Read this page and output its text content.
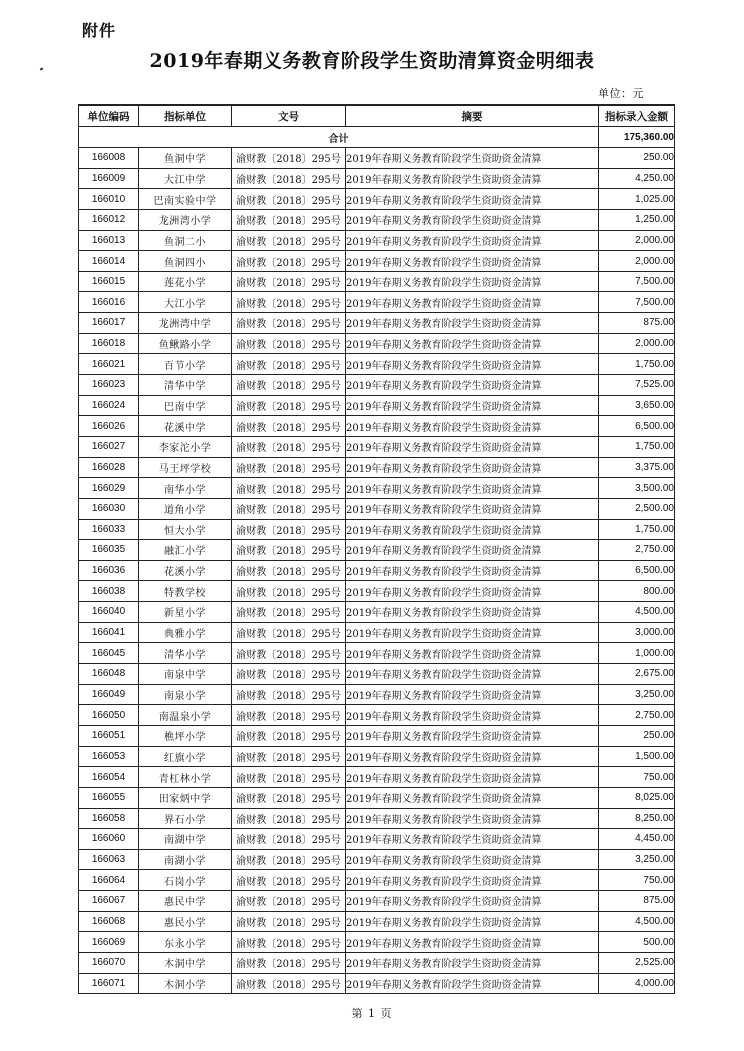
附件
2019年春期义务教育阶段学生资助清算资金明细表
单位：元
单位编码	指标单位	文号	摘要	指标录入金额
合计				175,360.00
166008	鱼洞中学	渝财教〔2018〕295号	2019年春期义务教育阶段学生资助资金清算	250.00
166009	大江中学	渝财教〔2018〕295号	2019年春期义务教育阶段学生资助资金清算	4,250.00
166010	巴南实验中学	渝财教〔2018〕295号	2019年春期义务教育阶段学生资助资金清算	1,025.00
166012	龙洲湾小学	渝财教〔2018〕295号	2019年春期义务教育阶段学生资助资金清算	1,250.00
166013	鱼洞二小	渝财教〔2018〕295号	2019年春期义务教育阶段学生资助资金清算	2,000.00
166014	鱼洞四小	渝财教〔2018〕295号	2019年春期义务教育阶段学生资助资金清算	2,000.00
166015	莲花小学	渝财教〔2018〕295号	2019年春期义务教育阶段学生资助资金清算	7,500.00
166016	大江小学	渝财教〔2018〕295号	2019年春期义务教育阶段学生资助资金清算	7,500.00
166017	龙洲湾中学	渝财教〔2018〕295号	2019年春期义务教育阶段学生资助资金清算	875.00
166018	鱼鳅路小学	渝财教〔2018〕295号	2019年春期义务教育阶段学生资助资金清算	2,000.00
166021	百节小学	渝财教〔2018〕295号	2019年春期义务教育阶段学生资助资金清算	1,750.00
166023	清华中学	渝财教〔2018〕295号	2019年春期义务教育阶段学生资助资金清算	7,525.00
166024	巴南中学	渝财教〔2018〕295号	2019年春期义务教育阶段学生资助资金清算	3,650.00
166026	花溪中学	渝财教〔2018〕295号	2019年春期义务教育阶段学生资助资金清算	6,500.00
166027	李家沱小学	渝财教〔2018〕295号	2019年春期义务教育阶段学生资助资金清算	1,750.00
166028	马王坪学校	渝财教〔2018〕295号	2019年春期义务教育阶段学生资助资金清算	3,375.00
166029	南华小学	渝财教〔2018〕295号	2019年春期义务教育阶段学生资助资金清算	3,500.00
166030	道角小学	渝财教〔2018〕295号	2019年春期义务教育阶段学生资助资金清算	2,500.00
166033	恒大小学	渝财教〔2018〕295号	2019年春期义务教育阶段学生资助资金清算	1,750.00
166035	融汇小学	渝财教〔2018〕295号	2019年春期义务教育阶段学生资助资金清算	2,750.00
166036	花溪小学	渝财教〔2018〕295号	2019年春期义务教育阶段学生资助资金清算	6,500.00
166038	特教学校	渝财教〔2018〕295号	2019年春期义务教育阶段学生资助资金清算	800.00
166040	新星小学	渝财教〔2018〕295号	2019年春期义务教育阶段学生资助资金清算	4,500.00
166041	典雅小学	渝财教〔2018〕295号	2019年春期义务教育阶段学生资助资金清算	3,000.00
166045	清华小学	渝财教〔2018〕295号	2019年春期义务教育阶段学生资助资金清算	1,000.00
166048	南泉中学	渝财教〔2018〕295号	2019年春期义务教育阶段学生资助资金清算	2,675.00
166049	南泉小学	渝财教〔2018〕295号	2019年春期义务教育阶段学生资助资金清算	3,250.00
166050	南温泉小学	渝财教〔2018〕295号	2019年春期义务教育阶段学生资助资金清算	2,750.00
166051	樵坪小学	渝财教〔2018〕295号	2019年春期义务教育阶段学生资助资金清算	250.00
166053	红旗小学	渝财教〔2018〕295号	2019年春期义务教育阶段学生资助资金清算	1,500.00
166054	青杠林小学	渝财教〔2018〕295号	2019年春期义务教育阶段学生资助资金清算	750.00
166055	田家炳中学	渝财教〔2018〕295号	2019年春期义务教育阶段学生资助资金清算	8,025.00
166058	界石小学	渝财教〔2018〕295号	2019年春期义务教育阶段学生资助资金清算	8,250.00
166060	南湖中学	渝财教〔2018〕295号	2019年春期义务教育阶段学生资助资金清算	4,450.00
166063	南湖小学	渝财教〔2018〕295号	2019年春期义务教育阶段学生资助资金清算	3,250.00
166064	石岗小学	渝财教〔2018〕295号	2019年春期义务教育阶段学生资助资金清算	750.00
166067	惠民中学	渝财教〔2018〕295号	2019年春期义务教育阶段学生资助资金清算	875.00
166068	惠民小学	渝财教〔2018〕295号	2019年春期义务教育阶段学生资助资金清算	4,500.00
166069	东永小学	渝财教〔2018〕295号	2019年春期义务教育阶段学生资助资金清算	500.00
166070	木洞中学	渝财教〔2018〕295号	2019年春期义务教育阶段学生资助资金清算	2,525.00
166071	木洞小学	渝财教〔2018〕295号	2019年春期义务教育阶段学生资助资金清算	4,000.00
第 1 页
